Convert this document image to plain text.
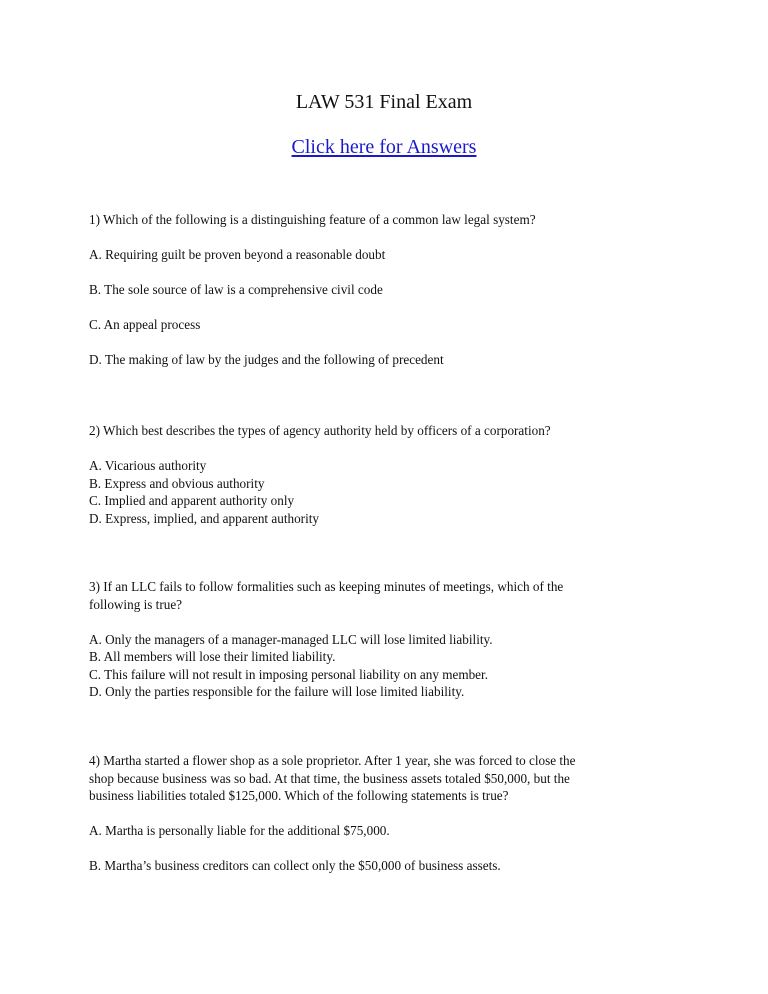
LAW 531 Final Exam
Click here for Answers

1) Which of the following is a distinguishing feature of a common law legal system?

A. Requiring guilt be proven beyond a reasonable doubt

B. The sole source of law is a comprehensive civil code

C. An appeal process

D. The making of law by the judges and the following of precedent

2) Which best describes the types of agency authority held by officers of a corporation?

A. Vicarious authority

B. Express and obvious authority

C. Implied and apparent authority only

D. Express, implied, and apparent authority

3) If an LLC fails to follow formalities such as keeping minutes of meetings, which of the

following is true?

A. Only the managers of a manager-managed LLC will lose limited liability.

B. All members will lose their limited liability.

C. This failure will not result in imposing personal liability on any member.

D. Only the parties responsible for the failure will lose limited liability.

4) Martha started a flower shop as a sole proprietor. After 1 year, she was forced to close the

shop because business was so bad. At that time, the business assets totaled $50,000, but the

business liabilities totaled $125,000. Which of the following statements is true?

A. Martha is personally liable for the additional $75,000.

B. Martha’s business creditors can collect only the $50,000 of business assets.
